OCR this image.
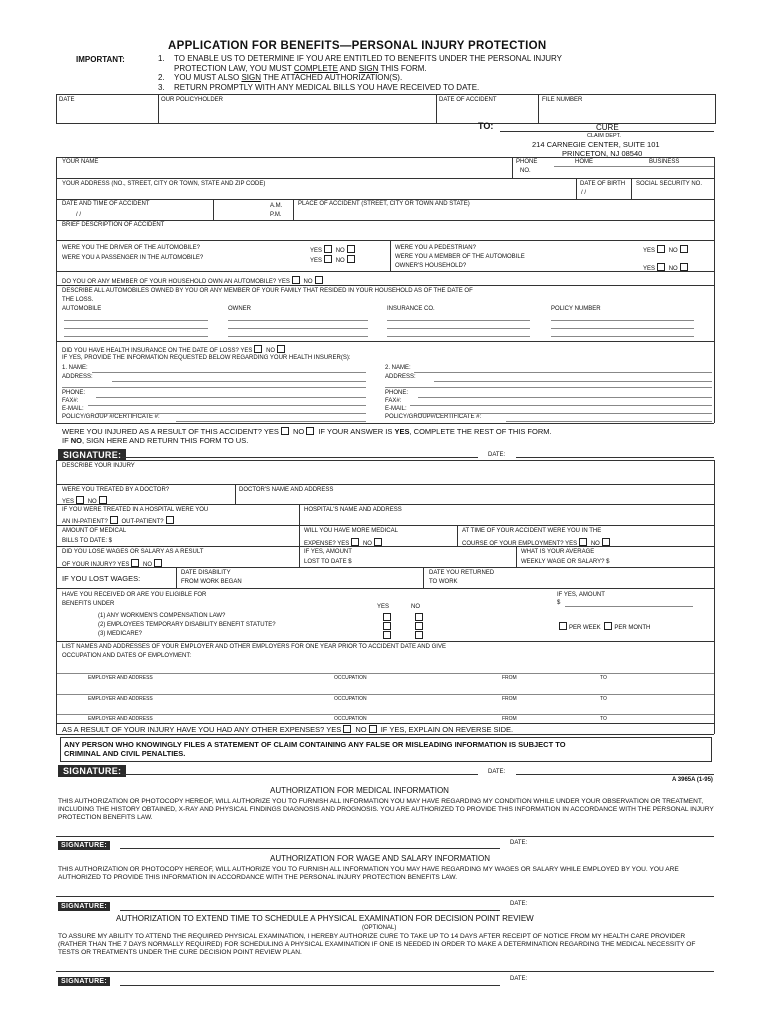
APPLICATION FOR BENEFITS—PERSONAL INJURY PROTECTION
IMPORTANT:	1. TO ENABLE US TO DETERMINE IF YOU ARE ENTITLED TO BENEFITS UNDER THE PERSONAL INJURY
PROTECTION LAW, YOU MUST COMPLETE AND SIGN THIS FORM.
2. YOU MUST ALSO SIGN THE ATTACHED AUTHORIZATION(S).
3. RETURN PROMPTLY WITH ANY MEDICAL BILLS YOU HAVE RECEIVED TO DATE.
DATE	OUR POLICYHOLDER	DATE OF ACCIDENT	FILE NUMBER
TO:	CURE
CLAIM DEPT.
214 CARNEGIE CENTER, SUITE 101
PRINCETON, NJ 08540
YOUR NAME	PHONE
NO.
HOME	BUSINESS
YOUR ADDRESS (NO., STREET, CITY OR TOWN, STATE AND ZIP CODE)	DATE OF BIRTH
/ /
SOCIAL SECURITY NO.
DATE AND TIME OF ACCIDENT
/ /
A.M.
P.M.
PLACE OF ACCIDENT (STREET, CITY OR TOWN AND STATE)
BRIEF DESCRIPTION OF ACCIDENT
WERE YOU THE DRIVER OF THE AUTOMOBILE?
WERE YOU A PASSENGER IN THE AUTOMOBILE?
YES NO
YES NO
WERE YOU A PEDESTRIAN?
WERE YOU A MEMBER OF THE AUTOMOBILE
OWNER'S HOUSEHOLD?
YES NO
YES NO
DO YOU OR ANY MEMBER OF YOUR HOUSEHOLD OWN AN AUTOMOBILE? YES NO
DESCRIBE ALL AUTOMOBILES OWNED BY YOU OR ANY MEMBER OF YOUR FAMILY THAT RESIDED IN YOUR HOUSEHOLD AS OF THE DATE OF
THE LOSS.
AUTOMOBILE	OWNER	INSURANCE CO.	POLICY NUMBER
DID YOU HAVE HEALTH INSURANCE ON THE DATE OF LOSS? YES NO
IF YES, PROVIDE THE INFORMATION REQUESTED BELOW REGARDING YOUR HEALTH INSURER(S):
1. NAME:
ADDRESS:
2. NAME:
ADDRESS:
PHONE:
FAX#:
E-MAIL:
POLICY/GROUP #/CERTIFICATE #:
PHONE:
FAX#:
E-MAIL:
POLICY/GROUP#/CERTIFICATE #:
WERE YOU INJURED AS A RESULT OF THIS ACCIDENT? YES NO IF YOUR ANSWER IS YES, COMPLETE THE REST OF THIS FORM.
IF NO, SIGN HERE AND RETURN THIS FORM TO US.
SIGNATURE:	DATE:
DESCRIBE YOUR INJURY
WERE YOU TREATED BY A DOCTOR?
YES NO
DOCTOR'S NAME AND ADDRESS
IF YOU WERE TREATED IN A HOSPITAL WERE YOU
AN IN-PATIENT? OUT-PATIENT?
HOSPITAL'S NAME AND ADDRESS
AMOUNT OF MEDICAL
BILLS TO DATE: $
WILL YOU HAVE MORE MEDICAL
EXPENSE? YES NO
AT TIME OF YOUR ACCIDENT WERE YOU IN THE
COURSE OF YOUR EMPLOYMENT? YES NO
DID YOU LOSE WAGES OR SALARY AS A RESULT
OF YOUR INJURY? YES NO
IF YES, AMOUNT
LOST TO DATE $
WHAT IS YOUR AVERAGE
WEEKLY WAGE OR SALARY? $
IF YOU LOST WAGES:
DATE DISABILITY
FROM WORK BEGAN
DATE YOU RETURNED
TO WORK
HAVE YOU RECEIVED OR ARE YOU ELIGIBLE FOR
BENEFITS UNDER	YES	NO
(1) ANY WORKMEN'S COMPENSATION LAW?
(2) EMPLOYEES TEMPORARY DISABILITY BENEFIT STATUTE?
(3) MEDICARE?
IF YES, AMOUNT
$
PER WEEK PER MONTH
LIST NAMES AND ADDRESSES OF YOUR EMPLOYER AND OTHER EMPLOYERS FOR ONE YEAR PRIOR TO ACCIDENT DATE AND GIVE
OCCUPATION AND DATES OF EMPLOYMENT:
EMPLOYER AND ADDRESS	OCCUPATION	FROM	TO
EMPLOYER AND ADDRESS	OCCUPATION	FROM	TO
EMPLOYER AND ADDRESS	OCCUPATION	FROM	TO
AS A RESULT OF YOUR INJURY HAVE YOU HAD ANY OTHER EXPENSES? YES NO IF YES, EXPLAIN ON REVERSE SIDE.
ANY PERSON WHO KNOWINGLY FILES A STATEMENT OF CLAIM CONTAINING ANY FALSE OR MISLEADING INFORMATION IS SUBJECT TO
CRIMINAL AND CIVIL PENALTIES.
SIGNATURE:	DATE:
A 3965A (1-95)
AUTHORIZATION FOR MEDICAL INFORMATION
THIS AUTHORIZATION OR PHOTOCOPY HEREOF, WILL AUTHORIZE YOU TO FURNISH ALL INFORMATION YOU MAY HAVE REGARDING MY CONDITION WHILE UNDER YOUR OBSERVATION OR TREATMENT, INCLUDING THE HISTORY OBTAINED, X-RAY AND PHYSICAL FINDINGS DIAGNOSIS AND PROGNOSIS. YOU ARE AUTHORIZED TO PROVIDE THIS INFORMATION IN ACCORDANCE WITH THE PERSONAL INJURY PROTECTION BENEFITS LAW.
SIGNATURE:	DATE:
AUTHORIZATION FOR WAGE AND SALARY INFORMATION
THIS AUTHORIZATION OR PHOTOCOPY HEREOF, WILL AUTHORIZE YOU TO FURNISH ALL INFORMATION YOU MAY HAVE REGARDING MY WAGES OR SALARY WHILE EMPLOYED BY YOU. YOU ARE AUTHORIZED TO PROVIDE THIS INFORMATION IN ACCORDANCE WITH THE PERSONAL INJURY PROTECTION BENEFITS LAW.
SIGNATURE:	DATE:
AUTHORIZATION TO EXTEND TIME TO SCHEDULE A PHYSICAL EXAMINATION FOR DECISION POINT REVIEW
(OPTIONAL)
TO ASSURE MY ABILITY TO ATTEND THE REQUIRED PHYSICAL EXAMINATION, I HEREBY AUTHORIZE CURE TO TAKE UP TO 14 DAYS AFTER RECEIPT OF NOTICE FROM MY HEALTH CARE PROVIDER (RATHER THAN THE 7 DAYS NORMALLY REQUIRED) FOR SCHEDULING A PHYSICAL EXAMINATION IF ONE IS NEEDED IN ORDER TO MAKE A DETERMINATION REGARDING THE MEDICAL NECESSITY OF TESTS OR TREATMENTS UNDER THE CURE DECISION POINT REVIEW PLAN.
SIGNATURE:	DATE:
